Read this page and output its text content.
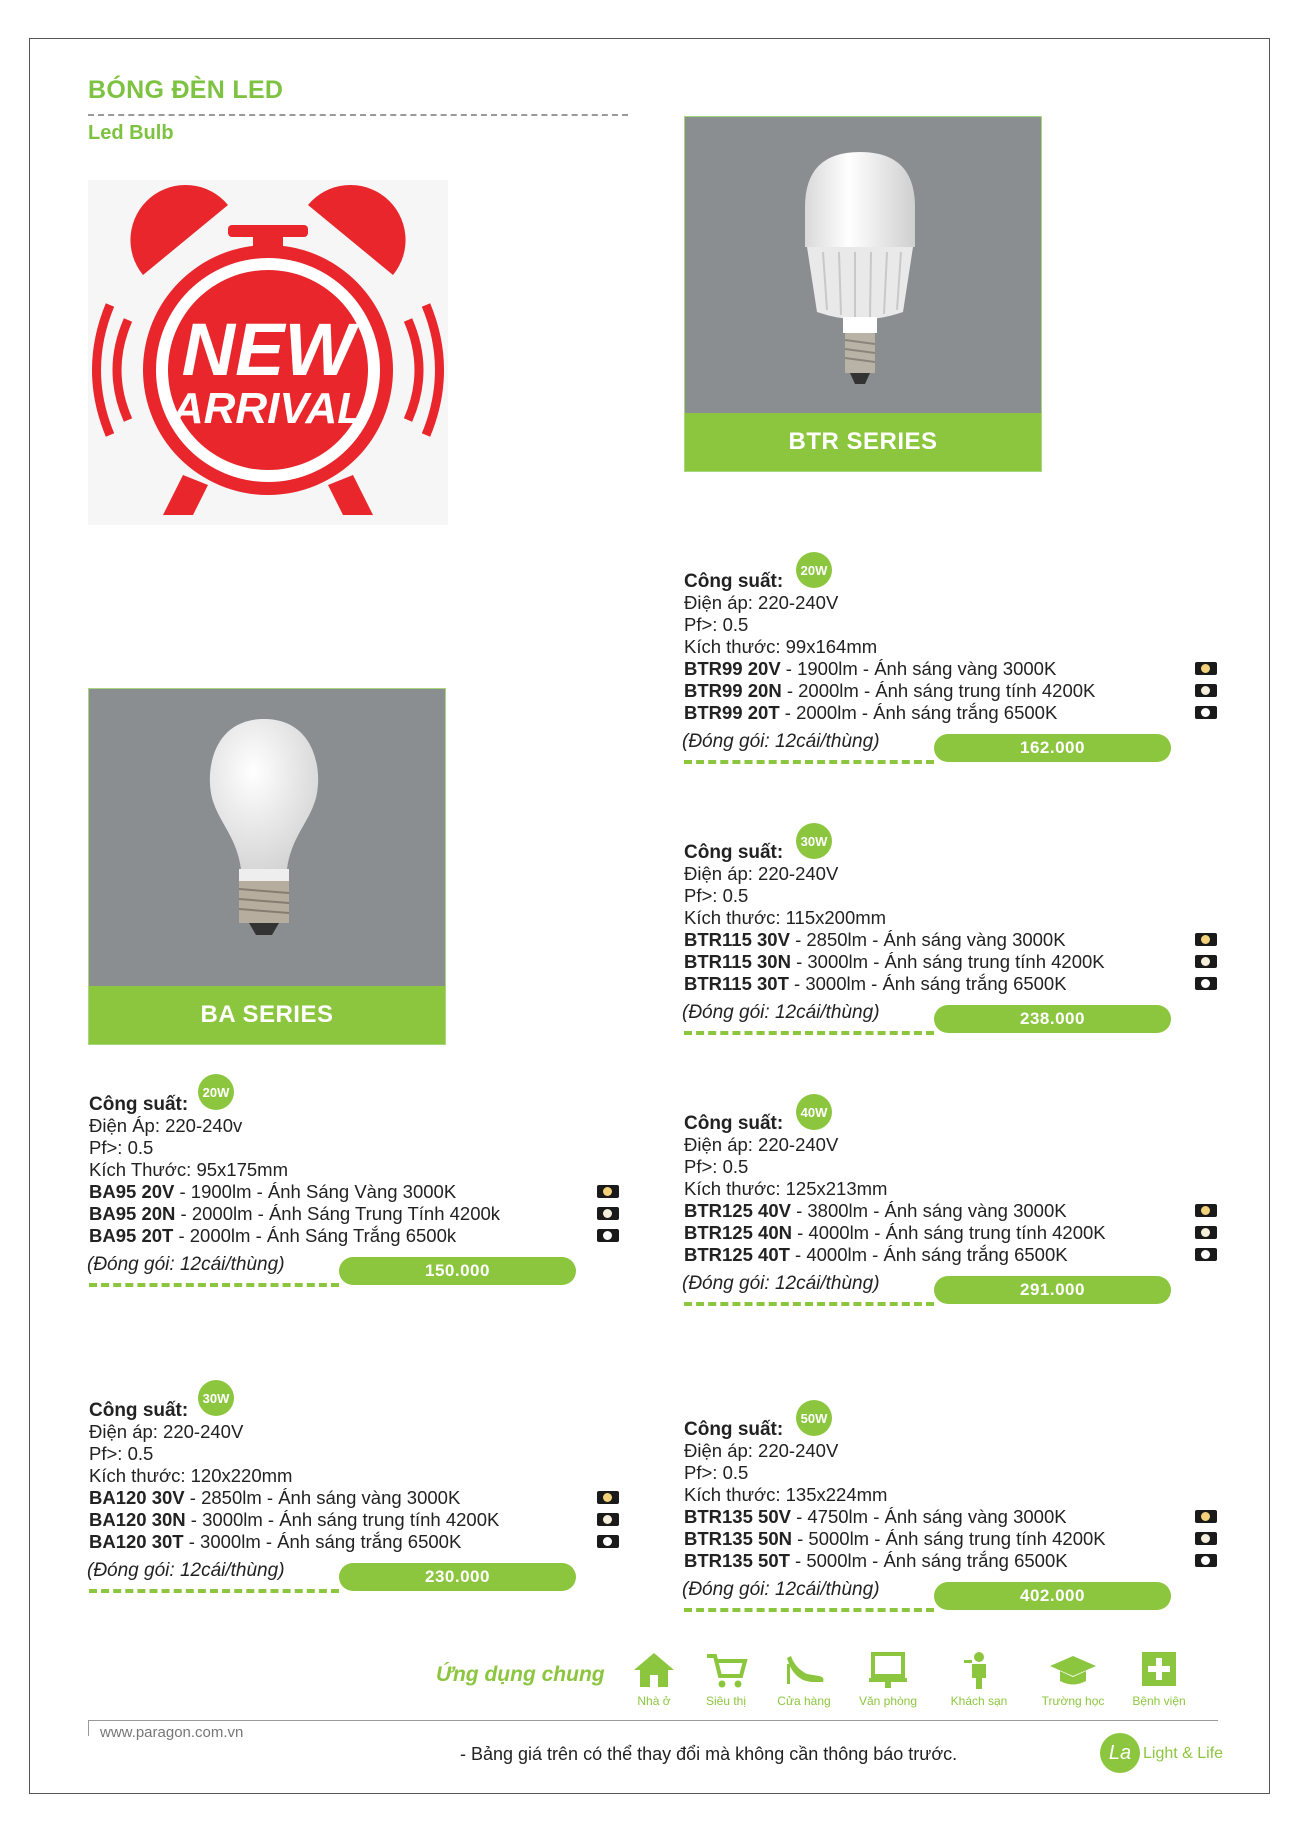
BÓNG ĐÈN LED
Led Bulb
NEW
ARRIVAL
BTR SERIES
BA SERIES
20W
Công suất:
Điện áp: 220-240V
Pf>: 0.5
Kích thước: 99x164mm
BTR99 20V - 1900lm - Ánh sáng vàng 3000K
BTR99 20N - 2000lm - Ánh sáng trung tính 4200K
BTR99 20T - 2000lm - Ánh sáng trắng 6500K
(Đóng gói: 12cái/thùng)	162.000
30W
Công suất:
Điện áp: 220-240V
Pf>: 0.5
Kích thước: 115x200mm
BTR115 30V - 2850lm - Ánh sáng vàng 3000K
BTR115 30N - 3000lm - Ánh sáng trung tính 4200K
BTR115 30T - 3000lm - Ánh sáng trắng 6500K
(Đóng gói: 12cái/thùng)	238.000
40W
Công suất:
Điện áp: 220-240V
Pf>: 0.5
Kích thước: 125x213mm
BTR125 40V - 3800lm - Ánh sáng vàng 3000K
BTR125 40N - 4000lm - Ánh sáng trung tính 4200K
BTR125 40T - 4000lm - Ánh sáng trắng 6500K
(Đóng gói: 12cái/thùng)	291.000
50W
Công suất:
Điện áp: 220-240V
Pf>: 0.5
Kích thước: 135x224mm
BTR135 50V - 4750lm - Ánh sáng vàng 3000K
BTR135 50N - 5000lm - Ánh sáng trung tính 4200K
BTR135 50T - 5000lm - Ánh sáng trắng 6500K
(Đóng gói: 12cái/thùng)	402.000
20W
Công suất:
Điện Áp: 220-240v
Pf>: 0.5
Kích Thước: 95x175mm
BA95 20V - 1900lm - Ánh Sáng Vàng 3000K
BA95 20N - 2000lm - Ánh Sáng Trung Tính 4200k
BA95 20T - 2000lm - Ánh Sáng Trắng 6500k
(Đóng gói: 12cái/thùng)	150.000
30W
Công suất:
Điện áp: 220-240V
Pf>: 0.5
Kích thước: 120x220mm
BA120 30V - 2850lm - Ánh sáng vàng 3000K
BA120 30N - 3000lm - Ánh sáng trung tính 4200K
BA120 30T - 3000lm - Ánh sáng trắng 6500K
(Đóng gói: 12cái/thùng)	230.000
Ứng dụng chung
Nhà ở	Siêu thị	Cửa hàng	Văn phòng	Khách sạn	Trường học	Bệnh viện
www.paragon.com.vn
- Bảng giá trên có thể thay đổi mà không cần thông báo trước.	La Light & Life
